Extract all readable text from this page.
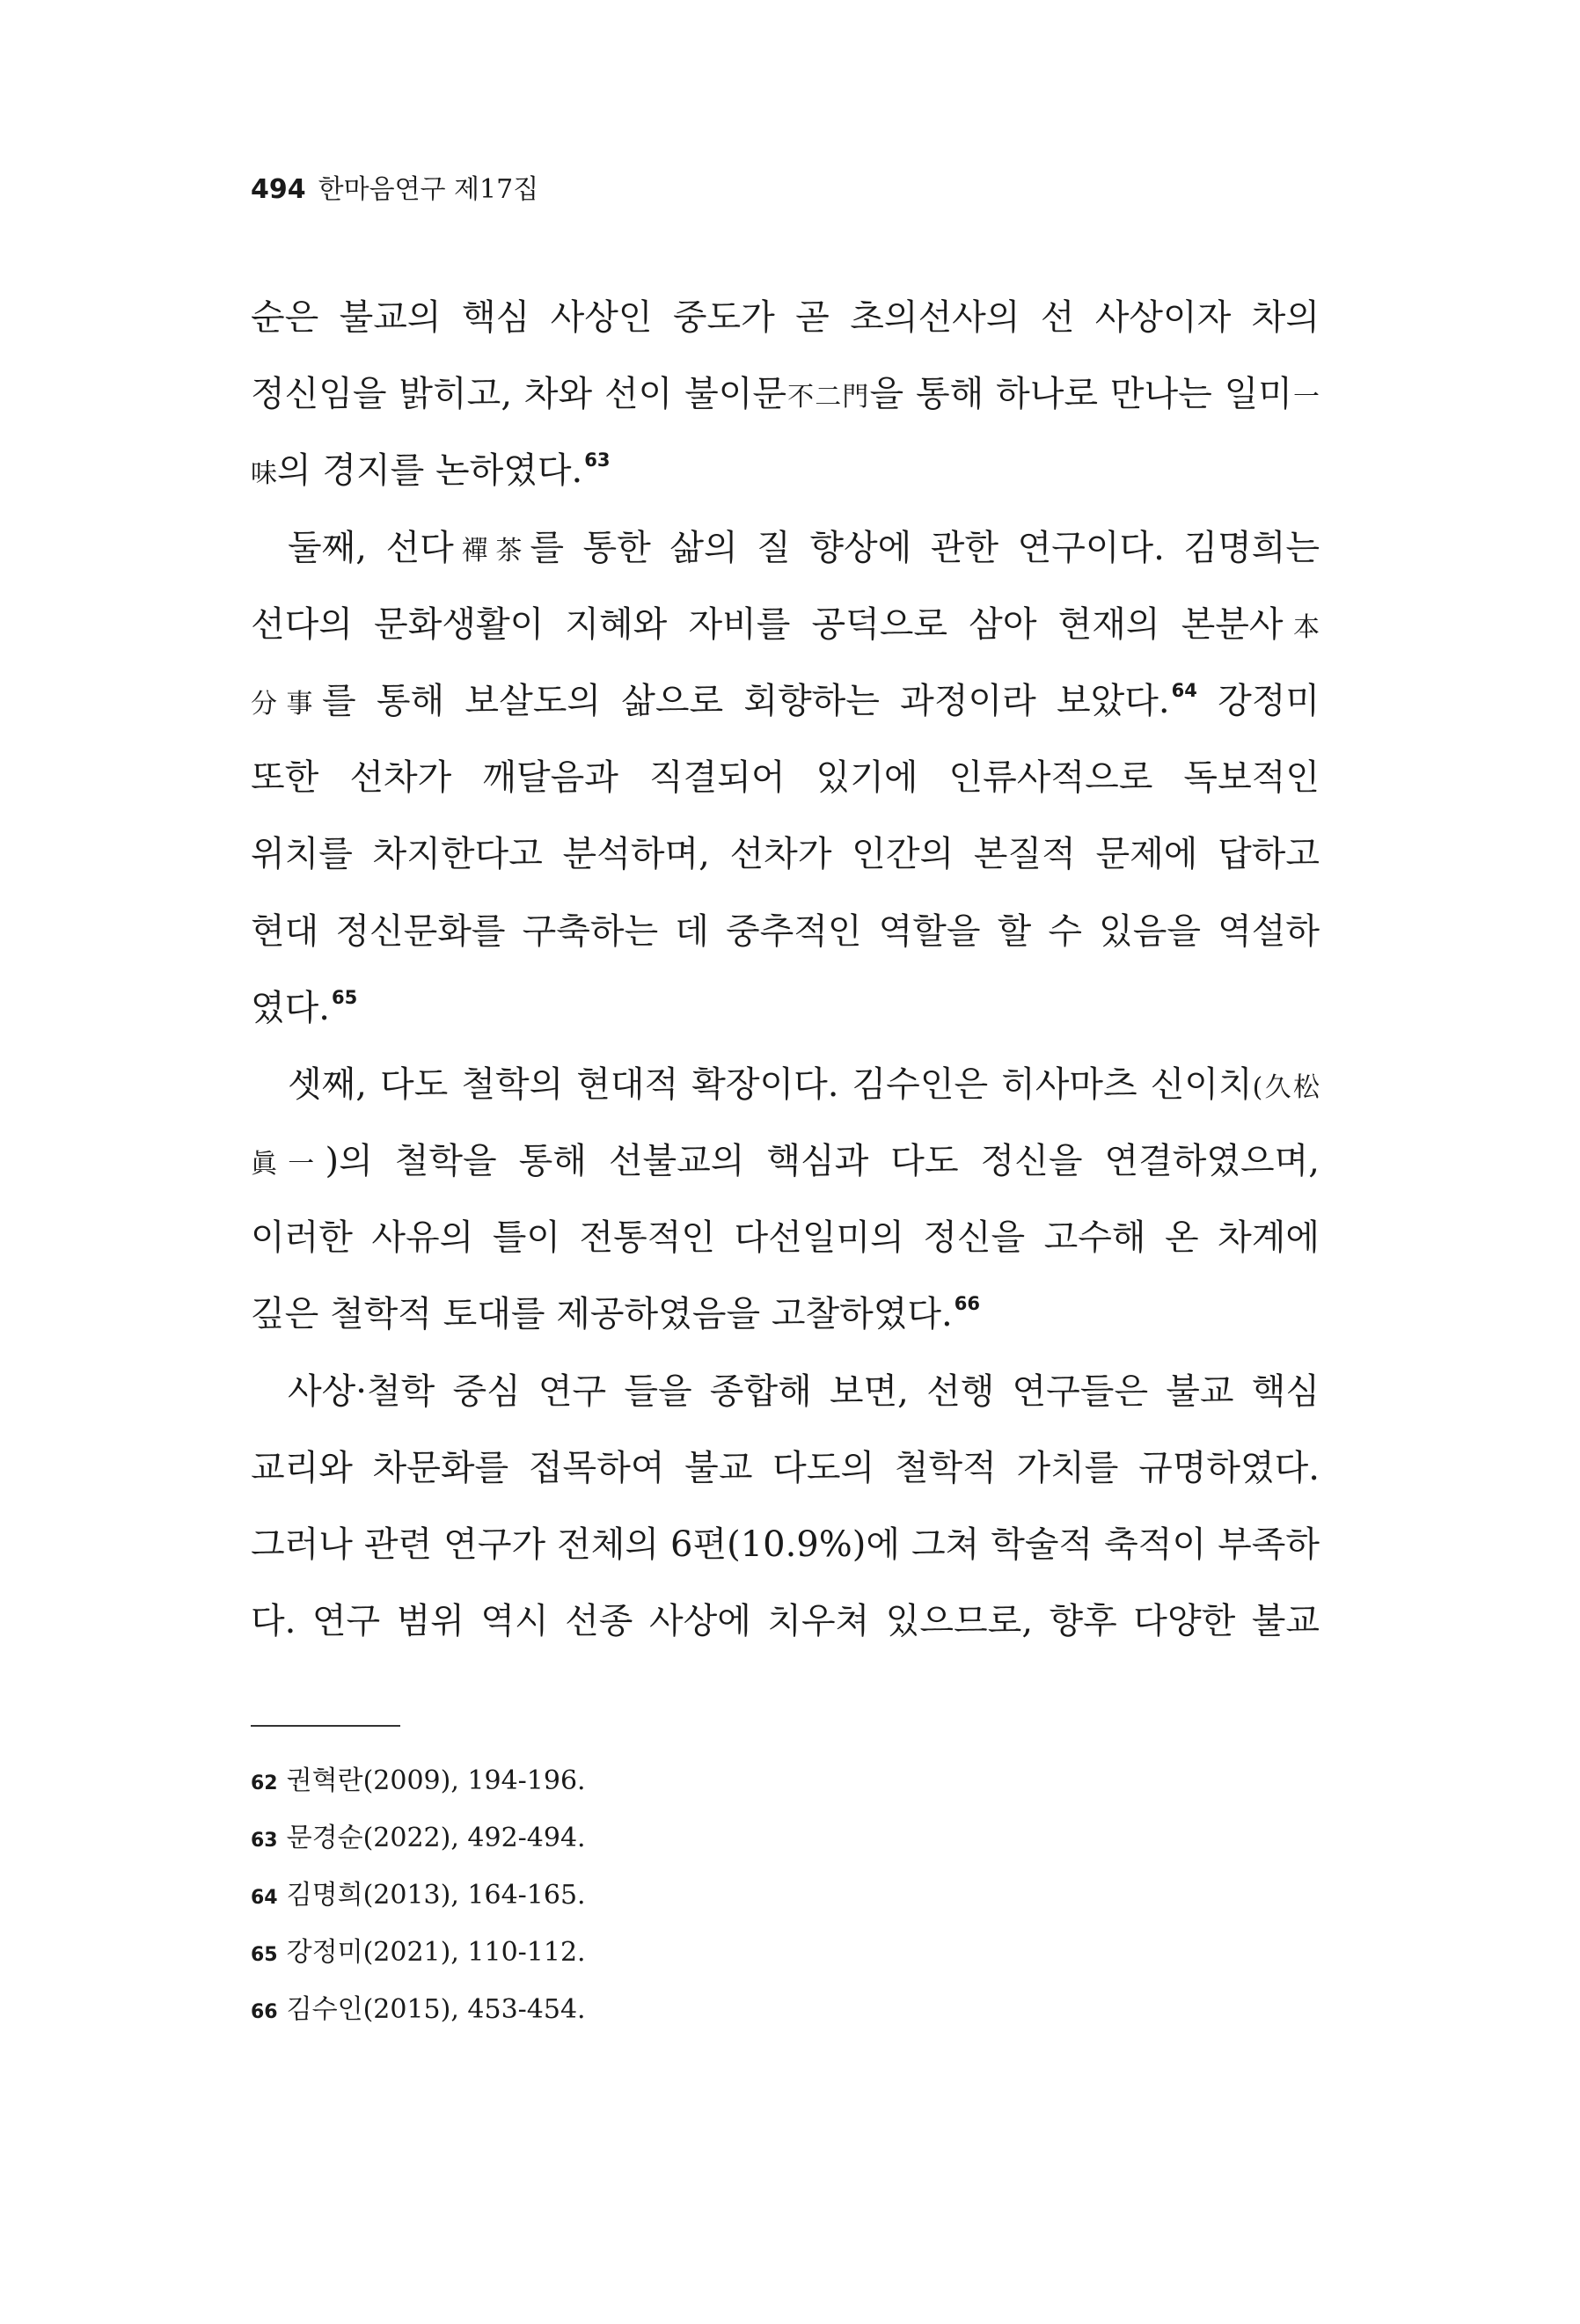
494 한마음연구 제17집
순은 불교의 핵심 사상인 중도가 곧 초의선사의 선 사상이자 차의
정신임을 밝히고, 차와 선이 불이문不二門을 통해 하나로 만나는 일미一
味의 경지를 논하였다.$^{63}$
둘째, 선다禪茶를 통한 삶의 질 향상에 관한 연구이다. 김명희는
선다의 문화생활이 지혜와 자비를 공덕으로 삼아 현재의 본분사本
分事를 통해 보살도의 삶으로 회향하는 과정이라 보았다.$^{64}$ 강정미
또한 선차가 깨달음과 직결되어 있기에 인류사적으로 독보적인
위치를 차지한다고 분석하며, 선차가 인간의 본질적 문제에 답하고
현대 정신문화를 구축하는 데 중추적인 역할을 할 수 있음을 역설하
였다.$^{65}$
셋째, 다도 철학의 현대적 확장이다. 김수인은 히사마츠 신이치(久松
眞一)의 철학을 통해 선불교의 핵심과 다도 정신을 연결하였으며,
이러한 사유의 틀이 전통적인 다선일미의 정신을 고수해 온 차계에
깊은 철학적 토대를 제공하였음을 고찰하였다.$^{66}$
사상·철학 중심 연구 들을 종합해 보면, 선행 연구들은 불교 핵심
교리와 차문화를 접목하여 불교 다도의 철학적 가치를 규명하였다.
그러나 관련 연구가 전체의 6편(10.9%)에 그쳐 학술적 축적이 부족하
다. 연구 범위 역시 선종 사상에 치우쳐 있으므로, 향후 다양한 불교
62 권혁란(2009), 194-196.
63 문경순(2022), 492-494.
64 김명희(2013), 164-165.
65 강정미(2021), 110-112.
66 김수인(2015), 453-454.
